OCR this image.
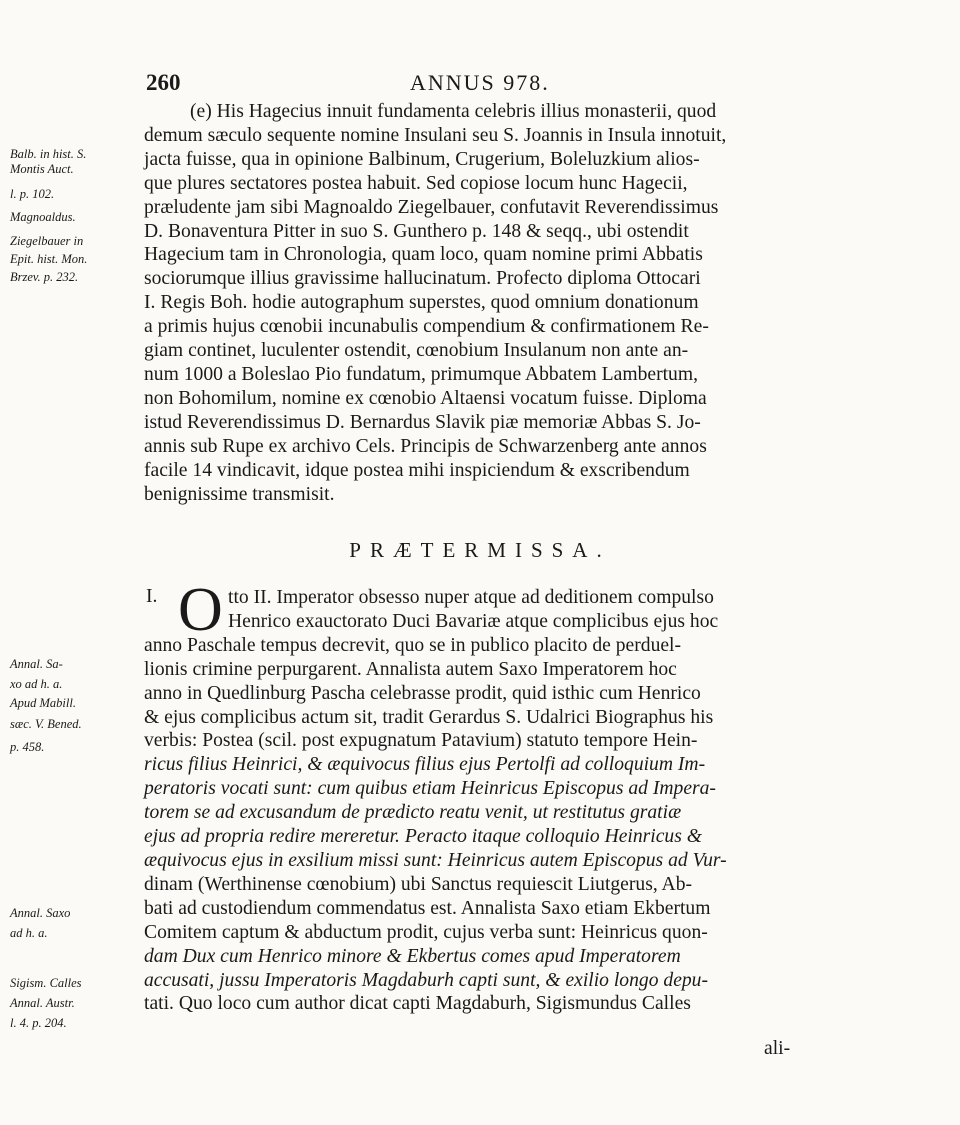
260	ANNUS 978.
Balb. in hist. S.
Montis Auct.
l. p. 102.
Magnoaldus.
Ziegelbauer in
Epit. hist. Mon.
Brzev. p. 232.
(e) His Hagecius innuit fundamenta celebris illius monasterii, quod
demum sæculo sequente nomine Insulani seu S. Joannis in Insula innotuit,
jacta fuisse, qua in opinione Balbinum, Crugerium, Boleluzkium alios-
que plures sectatores postea habuit. Sed copiose locum hunc Hagecii,
præludente jam sibi Magnoaldo Ziegelbauer, confutavit Reverendissimus
D. Bonaventura Pitter in suo S. Gunthero p. 148 & seqq., ubi ostendit
Hagecium tam in Chronologia, quam loco, quam nomine primi Abbatis
sociorumque illius gravissime hallucinatum. Profecto diploma Ottocari
I. Regis Boh. hodie autographum superstes, quod omnium donationum
a primis hujus cœnobii incunabulis compendium & confirmationem Re-
giam continet, luculenter ostendit, cœnobium Insulanum non ante an-
num 1000 a Boleslao Pio fundatum, primumque Abbatem Lambertum,
non Bohomilum, nomine ex cœnobio Altaensi vocatum fuisse. Diploma
istud Reverendissimus D. Bernardus Slavik piæ memoriæ Abbas S. Jo-
annis sub Rupe ex archivo Cels. Principis de Schwarzenberg ante annos
facile 14 vindicavit, idque postea mihi inspiciendum & exscribendum
benignissime transmisit.
PRÆTERMISSA.
I. O
Annal. Sa-
xo ad h. a.
Apud Mabill.
sæc. V. Bened.
p. 458.
Annal. Saxo
ad h. a.
Sigism. Calles
Annal. Austr.
l. 4. p. 204.
tto II. Imperator obsesso nuper atque ad deditionem compulso
Henrico exauctorato Duci Bavariæ atque complicibus ejus hoc
anno Paschale tempus decrevit, quo se in publico placito de perduel-
lionis crimine perpurgarent. Annalista autem Saxo Imperatorem hoc
anno in Quedlinburg Pascha celebrasse prodit, quid isthic cum Henrico
& ejus complicibus actum sit, tradit Gerardus S. Udalrici Biographus his
verbis: Postea (scil. post expugnatum Patavium) statuto tempore Hein-
ricus filius Heinrici, & æquivocus filius ejus Pertolfi ad colloquium Im-
peratoris vocati sunt: cum quibus etiam Heinricus Episcopus ad Impera-
torem se ad excusandum de prædicto reatu venit, ut restitutus gratiæ
ejus ad propria redire mereretur. Peracto itaque colloquio Heinricus &
æquivocus ejus in exsilium missi sunt: Heinricus autem Episcopus ad Vur-
dinam (Werthinense cœnobium) ubi Sanctus requiescit Liutgerus, Ab-
bati ad custodiendum commendatus est. Annalista Saxo etiam Ekbertum
Comitem captum & abductum prodit, cujus verba sunt: Heinricus quon-
dam Dux cum Henrico minore & Ekbertus comes apud Imperatorem
accusati, jussu Imperatoris Magdaburh capti sunt, & exilio longo depu-
tati. Quo loco cum author dicat capti Magdaburh, Sigismundus Calles
ali-
